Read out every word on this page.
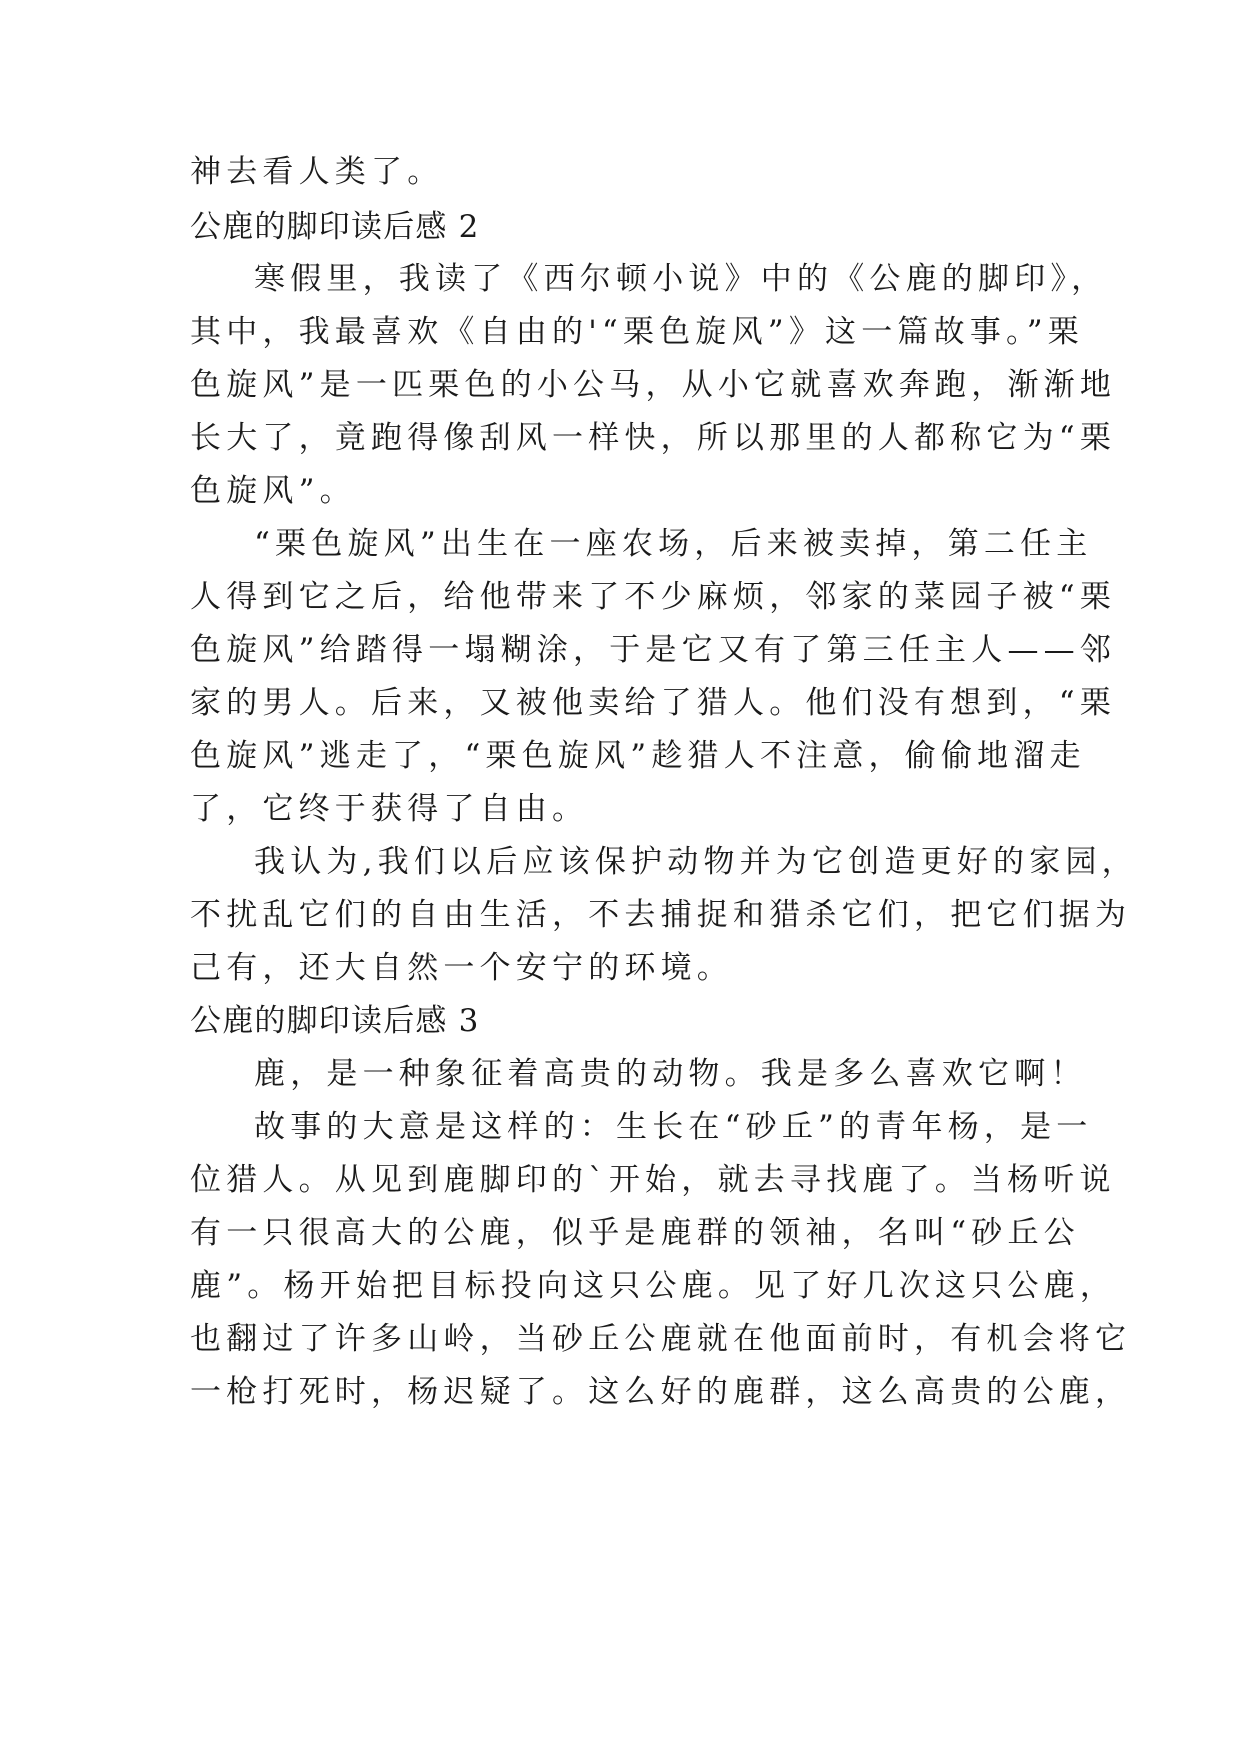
神去看人类了。
公鹿的脚印读后感 2
寒假里，我读了《西尔顿小说》中的《公鹿的脚印》，
其中，我最喜欢《自由的'“栗色旋风”》这一篇故事。”栗
色旋风”是一匹栗色的小公马，从小它就喜欢奔跑，渐渐地
长大了，竟跑得像刮风一样快，所以那里的人都称它为“栗
色旋风”。
“栗色旋风”出生在一座农场，后来被卖掉，第二任主
人得到它之后，给他带来了不少麻烦，邻家的菜园子被“栗
色旋风”给踏得一塌糊涂，于是它又有了第三任主人——邻
家的男人。后来，又被他卖给了猎人。他们没有想到，“栗
色旋风”逃走了，“栗色旋风”趁猎人不注意，偷偷地溜走
了，它终于获得了自由。
我认为,我们以后应该保护动物并为它创造更好的家园，
不扰乱它们的自由生活，不去捕捉和猎杀它们，把它们据为
己有，还大自然一个安宁的环境。
公鹿的脚印读后感 3
鹿，是一种象征着高贵的动物。我是多么喜欢它啊！
故事的大意是这样的：生长在“砂丘”的青年杨，是一
位猎人。从见到鹿脚印的`开始，就去寻找鹿了。当杨听说
有一只很高大的公鹿，似乎是鹿群的领袖，名叫“砂丘公
鹿”。杨开始把目标投向这只公鹿。见了好几次这只公鹿，
也翻过了许多山岭，当砂丘公鹿就在他面前时，有机会将它
一枪打死时，杨迟疑了。这么好的鹿群，这么高贵的公鹿，
